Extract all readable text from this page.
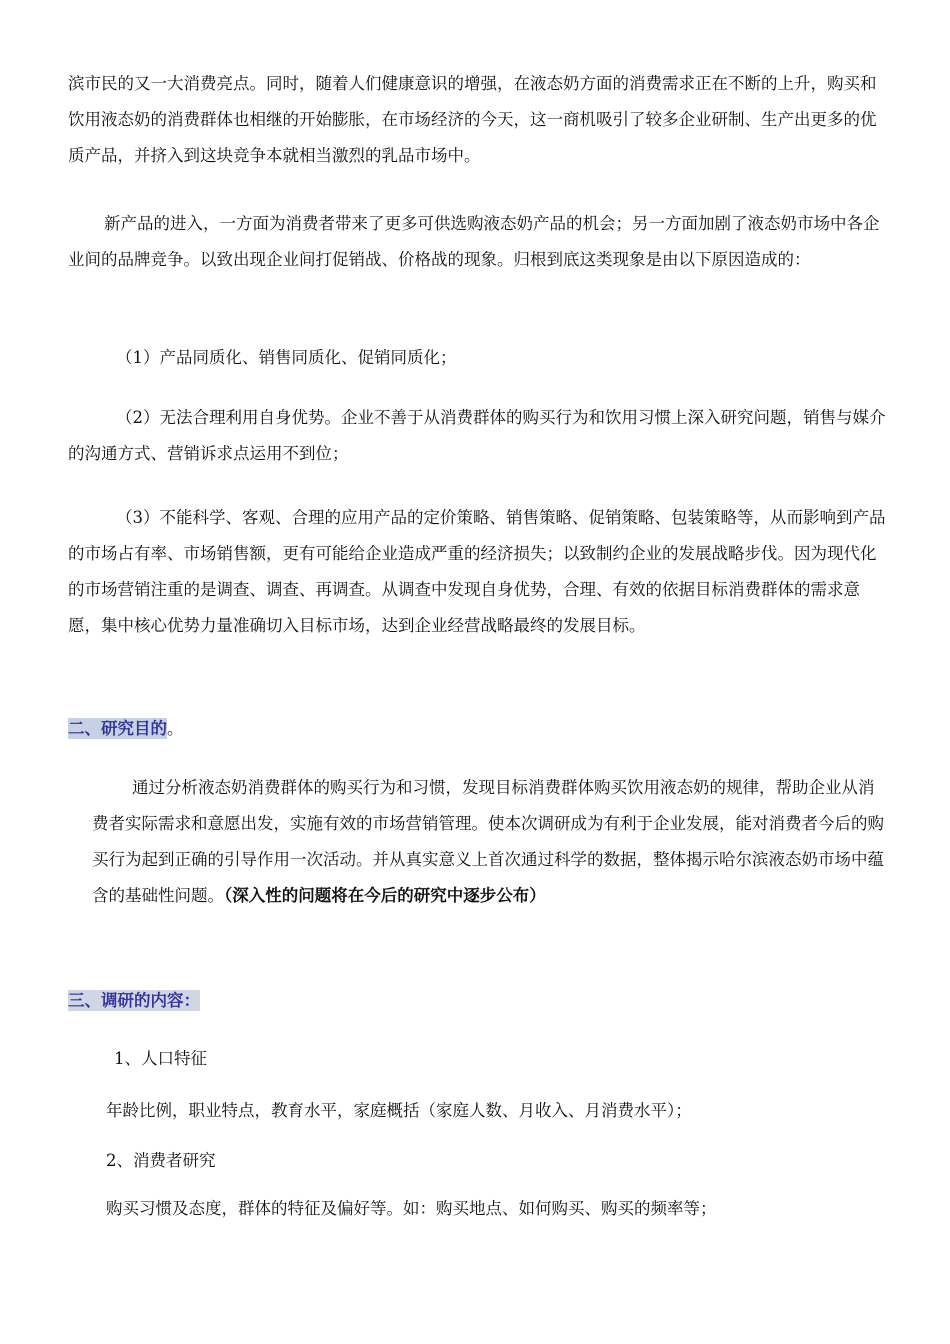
滨市民的又一大消费亮点。同时，随着人们健康意识的增强，在液态奶方面的消费需求正在不断的上升，购买和饮用液态奶的消费群体也相继的开始膨胀，在市场经济的今天，这一商机吸引了较多企业研制、生产出更多的优质产品，并挤入到这块竞争本就相当激烈的乳品市场中。

新产品的进入，一方面为消费者带来了更多可供选购液态奶产品的机会；另一方面加剧了液态奶市场中各企业间的品牌竞争。以致出现企业间打促销战、价格战的现象。归根到底这类现象是由以下原因造成的：

（1）产品同质化、销售同质化、促销同质化；

（2）无法合理利用自身优势。企业不善于从消费群体的购买行为和饮用习惯上深入研究问题，销售与媒介的沟通方式、营销诉求点运用不到位；

（3）不能科学、客观、合理的应用产品的定价策略、销售策略、促销策略、包装策略等，从而影响到产品的市场占有率、市场销售额，更有可能给企业造成严重的经济损失；以致制约企业的发展战略步伐。因为现代化的市场营销注重的是调查、调查、再调查。从调查中发现自身优势，合理、有效的依据目标消费群体的需求意愿，集中核心优势力量准确切入目标市场，达到企业经营战略最终的发展目标。

二、研究目的。

通过分析液态奶消费群体的购买行为和习惯，发现目标消费群体购买饮用液态奶的规律，帮助企业从消费者实际需求和意愿出发，实施有效的市场营销管理。使本次调研成为有利于企业发展，能对消费者今后的购买行为起到正确的引导作用一次活动。并从真实意义上首次通过科学的数据，整体揭示哈尔滨液态奶市场中蕴含的基础性问题。（深入性的问题将在今后的研究中逐步公布）

三、调研的内容：
1、人口特征
年龄比例，职业特点，教育水平，家庭概括（家庭人数、月收入、月消费水平）；
2、消费者研究
购买习惯及态度，群体的特征及偏好等。如：购买地点、如何购买、购买的频率等；
